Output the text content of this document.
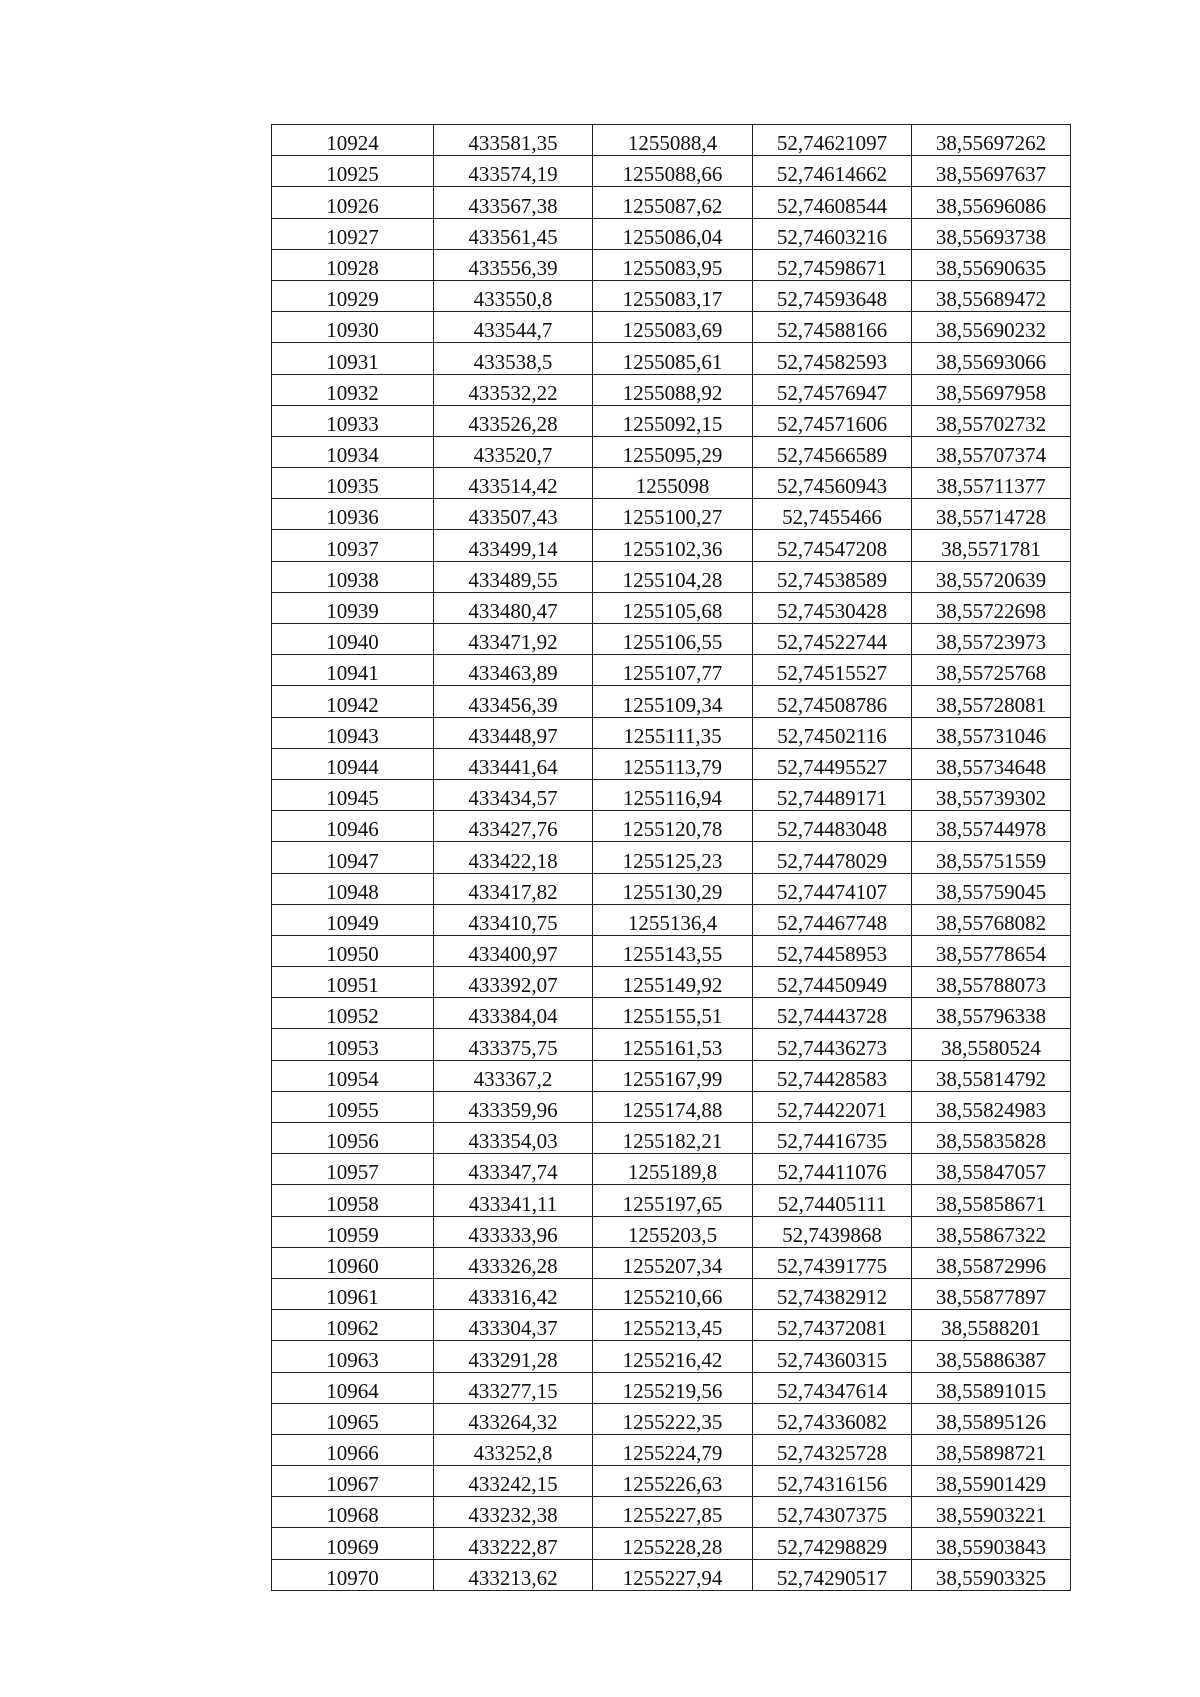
10924	433581,35	1255088,4	52,74621097	38,55697262
10925	433574,19	1255088,66	52,74614662	38,55697637
10926	433567,38	1255087,62	52,74608544	38,55696086
10927	433561,45	1255086,04	52,74603216	38,55693738
10928	433556,39	1255083,95	52,74598671	38,55690635
10929	433550,8	1255083,17	52,74593648	38,55689472
10930	433544,7	1255083,69	52,74588166	38,55690232
10931	433538,5	1255085,61	52,74582593	38,55693066
10932	433532,22	1255088,92	52,74576947	38,55697958
10933	433526,28	1255092,15	52,74571606	38,55702732
10934	433520,7	1255095,29	52,74566589	38,55707374
10935	433514,42	1255098	52,74560943	38,55711377
10936	433507,43	1255100,27	52,7455466	38,55714728
10937	433499,14	1255102,36	52,74547208	38,5571781
10938	433489,55	1255104,28	52,74538589	38,55720639
10939	433480,47	1255105,68	52,74530428	38,55722698
10940	433471,92	1255106,55	52,74522744	38,55723973
10941	433463,89	1255107,77	52,74515527	38,55725768
10942	433456,39	1255109,34	52,74508786	38,55728081
10943	433448,97	1255111,35	52,74502116	38,55731046
10944	433441,64	1255113,79	52,74495527	38,55734648
10945	433434,57	1255116,94	52,74489171	38,55739302
10946	433427,76	1255120,78	52,74483048	38,55744978
10947	433422,18	1255125,23	52,74478029	38,55751559
10948	433417,82	1255130,29	52,74474107	38,55759045
10949	433410,75	1255136,4	52,74467748	38,55768082
10950	433400,97	1255143,55	52,74458953	38,55778654
10951	433392,07	1255149,92	52,74450949	38,55788073
10952	433384,04	1255155,51	52,74443728	38,55796338
10953	433375,75	1255161,53	52,74436273	38,5580524
10954	433367,2	1255167,99	52,74428583	38,55814792
10955	433359,96	1255174,88	52,74422071	38,55824983
10956	433354,03	1255182,21	52,74416735	38,55835828
10957	433347,74	1255189,8	52,74411076	38,55847057
10958	433341,11	1255197,65	52,74405111	38,55858671
10959	433333,96	1255203,5	52,7439868	38,55867322
10960	433326,28	1255207,34	52,74391775	38,55872996
10961	433316,42	1255210,66	52,74382912	38,55877897
10962	433304,37	1255213,45	52,74372081	38,5588201
10963	433291,28	1255216,42	52,74360315	38,55886387
10964	433277,15	1255219,56	52,74347614	38,55891015
10965	433264,32	1255222,35	52,74336082	38,55895126
10966	433252,8	1255224,79	52,74325728	38,55898721
10967	433242,15	1255226,63	52,74316156	38,55901429
10968	433232,38	1255227,85	52,74307375	38,55903221
10969	433222,87	1255228,28	52,74298829	38,55903843
10970	433213,62	1255227,94	52,74290517	38,55903325
